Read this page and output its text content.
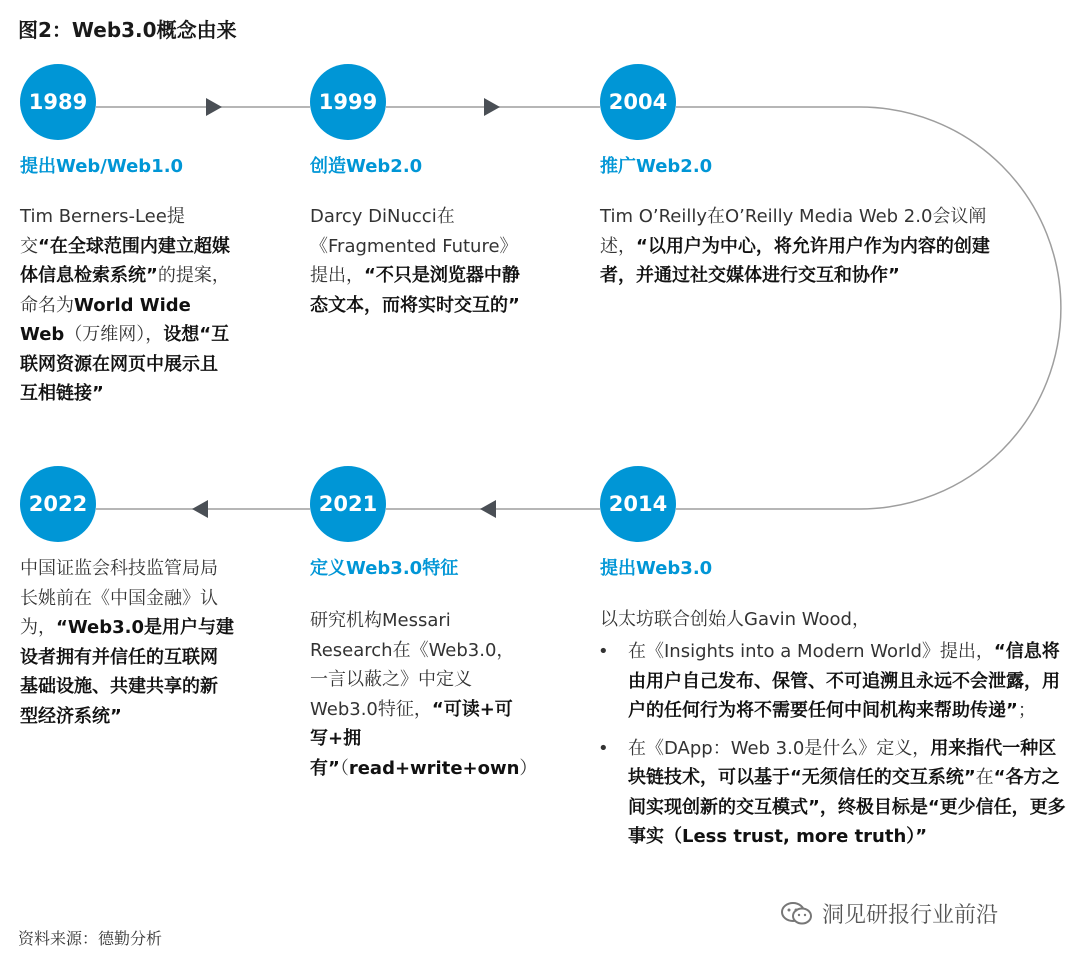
图2：Web3.0概念由来
1989
提出Web/Web1.0
Tim Berners-Lee提交“在全球范围内建立超媒体信息检索系统”的提案，命名为World Wide Web（万维网），设想“互联网资源在网页中展示且互相链接”
1999
创造Web2.0
Darcy DiNucci在《Fragmented Future》提出，“不只是浏览器中静态文本，而将实时交互的”
2004
推广Web2.0
Tim O’Reilly在O’Reilly Media Web 2.0会议阐述，“以用户为中心，将允许用户作为内容的创建者，并通过社交媒体进行交互和协作”
2014
提出Web3.0
以太坊联合创始人Gavin Wood，
• 在《Insights into a Modern World》提出，“信息将由用户自己发布、保管、不可追溯且永远不会泄露，用户的任何行为将不需要任何中间机构来帮助传递”；
• 在《DApp：Web 3.0是什么》定义，用来指代一种区块链技术，可以基于“无须信任的交互系统”在“各方之间实现创新的交互模式”，终极目标是“更少信任，更多事实（Less trust, more truth）”
2021
定义Web3.0特征
研究机构Messari Research在《Web3.0，一言以蔽之》中定义Web3.0特征，“可读+可写+拥有”（read+write+own）
2022
中国证监会科技监管局局长姚前在《中国金融》认为，“Web3.0是用户与建设者拥有并信任的互联网基础设施、共建共享的新型经济系统”
资料来源：德勤分析
洞见研报行业前沿
